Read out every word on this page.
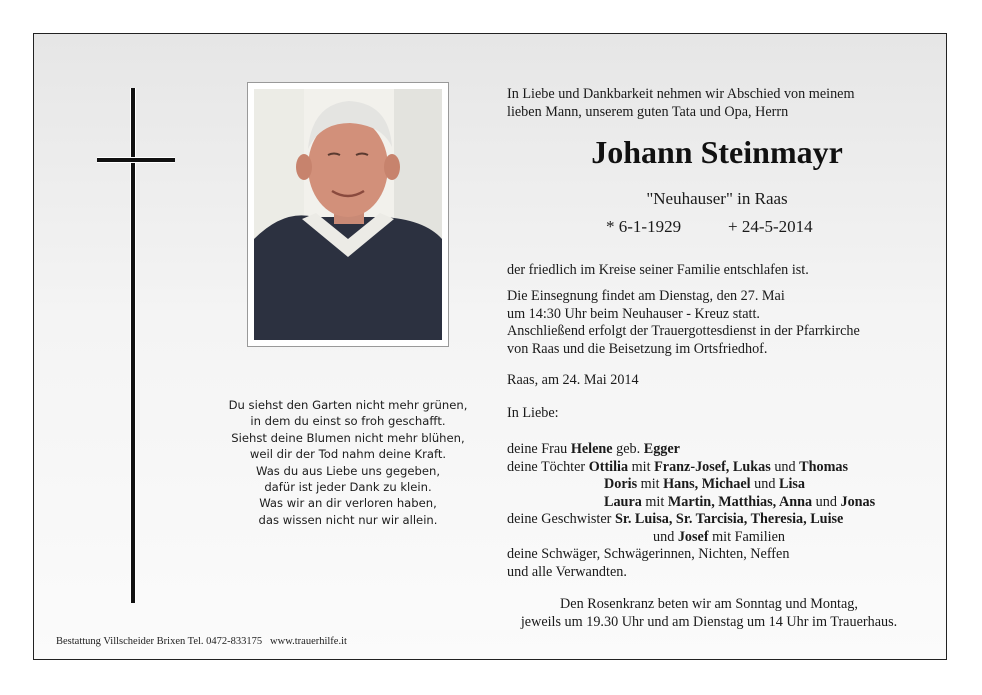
Du siehst den Garten nicht mehr grünen,
in dem du einst so froh geschafft.
Siehst deine Blumen nicht mehr blühen,
weil dir der Tod nahm deine Kraft.
Was du aus Liebe uns gegeben,
dafür ist jeder Dank zu klein.
Was wir an dir verloren haben,
das wissen nicht nur wir allein.
Bestattung Villscheider Brixen Tel. 0472-833175   www.trauerhilfe.it
In Liebe und Dankbarkeit nehmen wir Abschied von meinem
lieben Mann, unserem guten Tata und Opa, Herrn
Johann Steinmayr
"Neuhauser" in Raas
* 6-1-1929	+ 24-5-2014
der friedlich im Kreise seiner Familie entschlafen ist.
Die Einsegnung findet am Dienstag, den 27. Mai
um 14:30 Uhr beim Neuhauser - Kreuz statt.
Anschließend erfolgt der Trauergottesdienst in der Pfarrkirche
von Raas und die Beisetzung im Ortsfriedhof.
Raas, am 24. Mai 2014
In Liebe:
deine Frau Helene geb. Egger
deine Töchter Ottilia mit Franz-Josef, Lukas und Thomas
Doris mit Hans, Michael und Lisa
Laura mit Martin, Matthias, Anna und Jonas
deine Geschwister Sr. Luisa, Sr. Tarcisia, Theresia, Luise
und Josef mit Familien
deine Schwäger, Schwägerinnen, Nichten, Neffen
und alle Verwandten.
Den Rosenkranz beten wir am Sonntag und Montag,
jeweils um 19.30 Uhr und am Dienstag um 14 Uhr im Trauerhaus.
